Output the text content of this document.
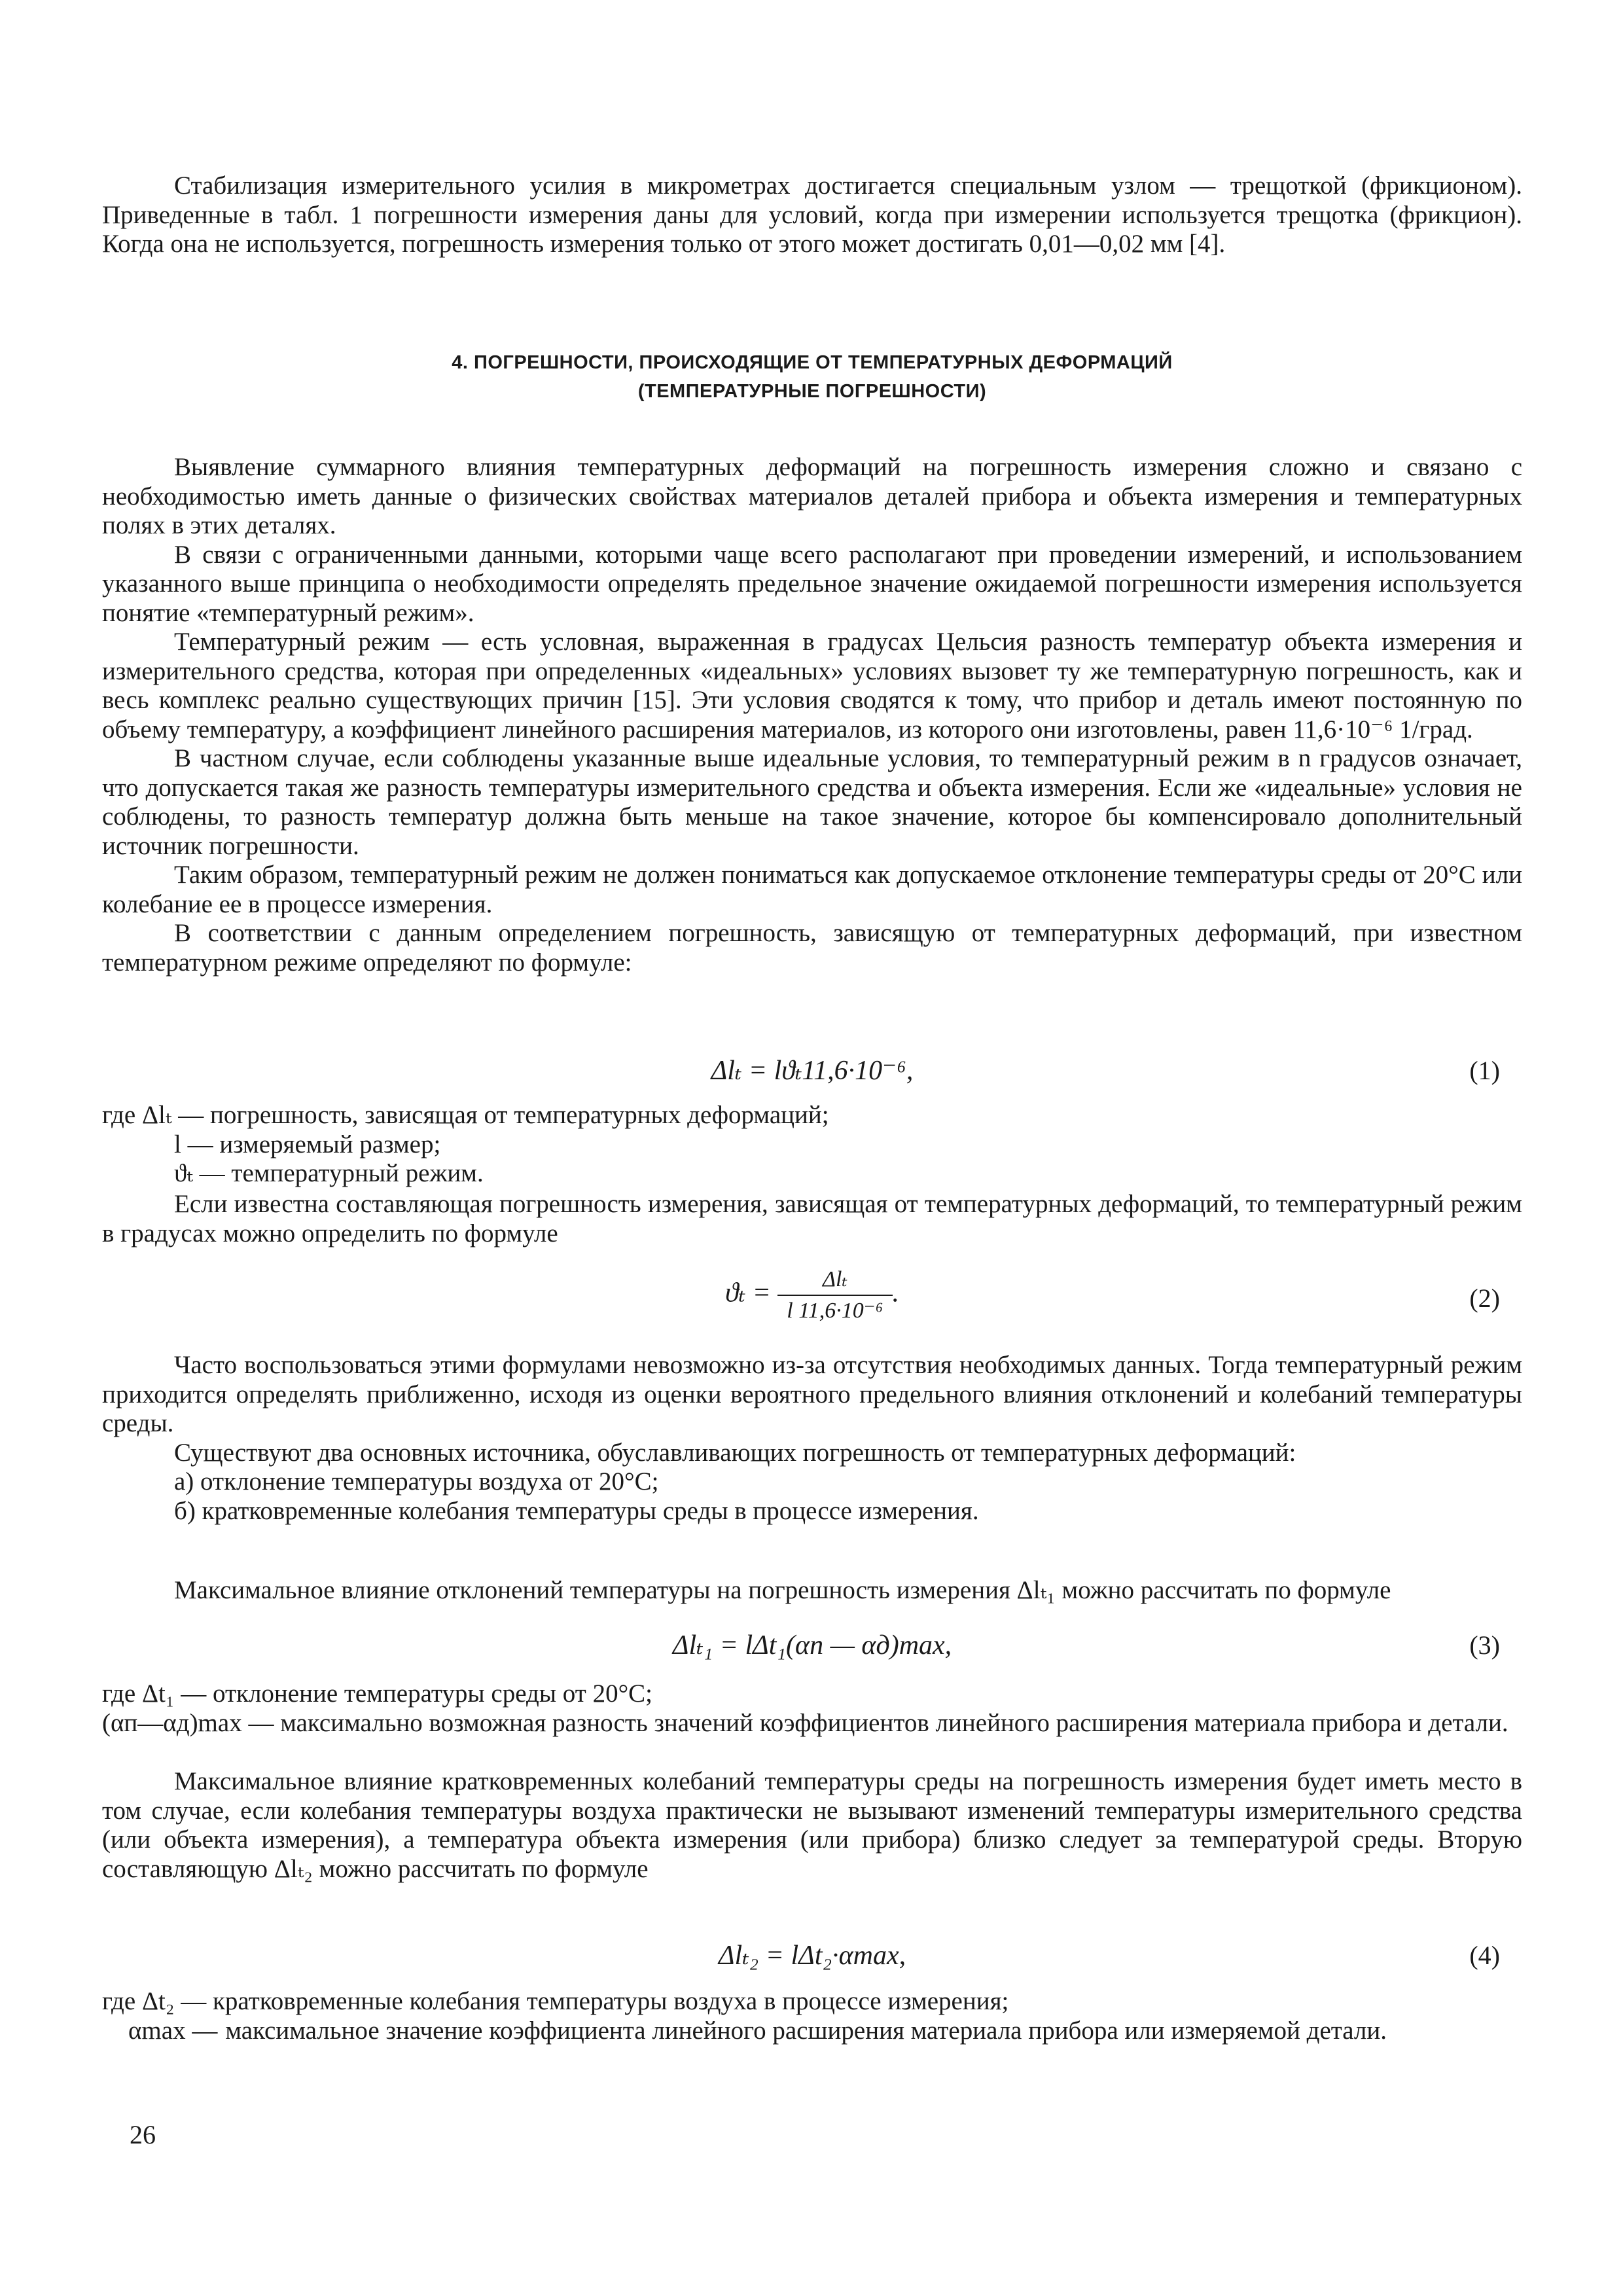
Стабилизация измерительного усилия в микрометрах достигается специальным узлом — трещоткой (фрикционом). Приведенные в табл. 1 погрешности измерения даны для условий, когда при измерении используется трещотка (фрикцион). Когда она не используется, погрешность измерения только от этого может достигать 0,01—0,02 мм [4].

4. ПОГРЕШНОСТИ, ПРОИСХОДЯЩИЕ ОТ ТЕМПЕРАТУРНЫХ ДЕФОРМАЦИЙ
(ТЕМПЕРАТУРНЫЕ ПОГРЕШНОСТИ)

Выявление суммарного влияния температурных деформаций на погрешность измерения сложно и связано с необходимостью иметь данные о физических свойствах материалов деталей прибора и объекта измерения и температурных полях в этих деталях.

В связи с ограниченными данными, которыми чаще всего располагают при проведении измерений, и использованием указанного выше принципа о необходимости определять предельное значение ожидаемой погрешности измерения используется понятие «температурный режим».

Температурный режим — есть условная, выраженная в градусах Цельсия разность температур объекта измерения и измерительного средства, которая при определенных «идеальных» условиях вызовет ту же температурную погрешность, как и весь комплекс реально существующих причин [15]. Эти условия сводятся к тому, что прибор и деталь имеют постоянную по объему температуру, а коэффициент линейного расширения материалов, из которого они изготовлены, равен 11,6·10⁻⁶ 1/град.

В частном случае, если соблюдены указанные выше идеальные условия, то температурный режим в n градусов означает, что допускается такая же разность температуры измерительного средства и объекта измерения. Если же «идеальные» условия не соблюдены, то разность температур должна быть меньше на такое значение, которое бы компенсировало дополнительный источник погрешности.

Таким образом, температурный режим не должен пониматься как допускаемое отклонение температуры среды от 20°С или колебание ее в процессе измерения.

В соответствии с данным определением погрешность, зависящую от температурных деформаций, при известном температурном режиме определяют по формуле:

Δlₜ = lϑₜ11,6·10⁻⁶,	(1)
где Δlₜ — погрешность, зависящая от температурных деформаций;
l — измеряемый размер;
ϑₜ — температурный режим.

Если известна составляющая погрешность измерения, зависящая от температурных деформаций, то температурный режим в градусах можно определить по формуле

$ϑ_t = \frac{\text{Δlₜ}}{\text{l 11,6·10⁻⁶}}$ .	(2)

Часто воспользоваться этими формулами невозможно из-за отсутствия необходимых данных. Тогда температурный режим приходится определять приближенно, исходя из оценки вероятного предельного влияния отклонений и колебаний температуры среды.

Существуют два основных источника, обуславливающих погрешность от температурных деформаций:

а) отклонение температуры воздуха от 20°С;

б) кратковременные колебания температуры среды в процессе измерения.

Максимальное влияние отклонений температуры на погрешность измерения Δlₜ₁ можно рассчитать по формуле

Δlₜ₁ = lΔt₁(αп — αд)max,	(3)
где Δt₁ — отклонение температуры среды от 20°С;

(αп—αд)max — максимально возможная разность значений коэффициентов линейного расширения материала прибора и детали.

Максимальное влияние кратковременных колебаний температуры среды на погрешность измерения будет иметь место в том случае, если колебания температуры воздуха практически не вызывают изменений температуры измерительного средства (или объекта измерения), а температура объекта измерения (или прибора) близко следует за температурой среды. Вторую составляющую Δlₜ₂ можно рассчитать по формуле

Δlₜ₂ = lΔt₂·αmax,	(4)
где Δt₂ — кратковременные колебания температуры воздуха в процессе измерения;
αmax — максимальное значение коэффициента линейного расширения материала прибора или измеряемой детали.
26
